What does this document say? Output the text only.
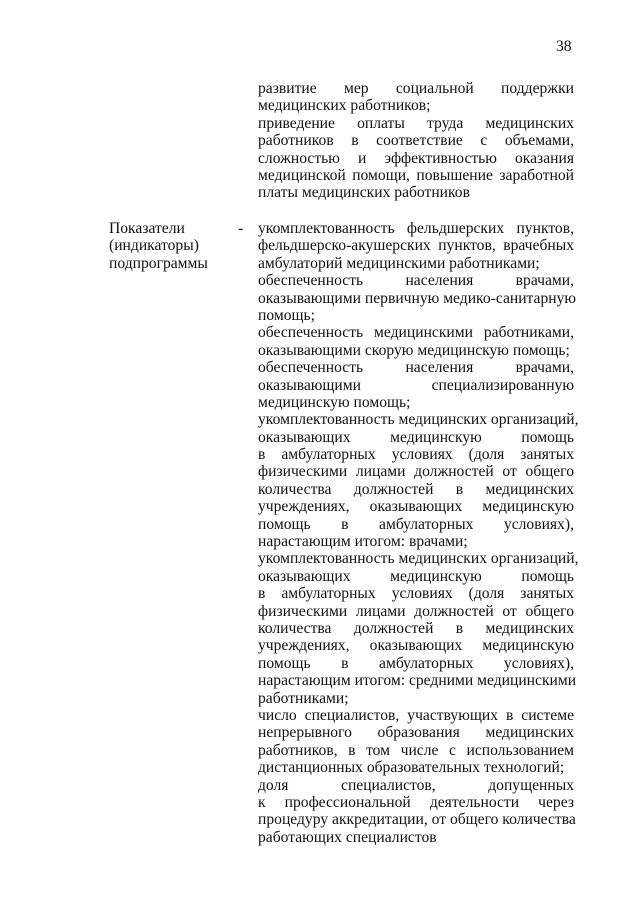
38
развитие мер социальной поддержки
медицинских работников;
приведение оплаты труда медицинских
работников в соответствие с объемами,
сложностью и эффективностью оказания
медицинской помощи, повышение заработной
платы медицинских работников
Показатели
(индикаторы)
подпрограммы
- укомплектованность фельдшерских пунктов,
фельдшерско-акушерских пунктов, врачебных
амбулаторий медицинскими работниками;
обеспеченность населения врачами,
оказывающими первичную медико-санитарную
помощь;
обеспеченность медицинскими работниками,
оказывающими скорую медицинскую помощь;
обеспеченность населения врачами,
оказывающими специализированную
медицинскую помощь;
укомплектованность медицинских организаций,
оказывающих медицинскую помощь
в амбулаторных условиях (доля занятых
физическими лицами должностей от общего
количества должностей в медицинских
учреждениях, оказывающих медицинскую
помощь в амбулаторных условиях),
нарастающим итогом: врачами;
укомплектованность медицинских организаций,
оказывающих медицинскую помощь
в амбулаторных условиях (доля занятых
физическими лицами должностей от общего
количества должностей в медицинских
учреждениях, оказывающих медицинскую
помощь в амбулаторных условиях),
нарастающим итогом: средними медицинскими
работниками;
число специалистов, участвующих в системе
непрерывного образования медицинских
работников, в том числе с использованием
дистанционных образовательных технологий;
доля специалистов, допущенных
к профессиональной деятельности через
процедуру аккредитации, от общего количества
работающих специалистов
